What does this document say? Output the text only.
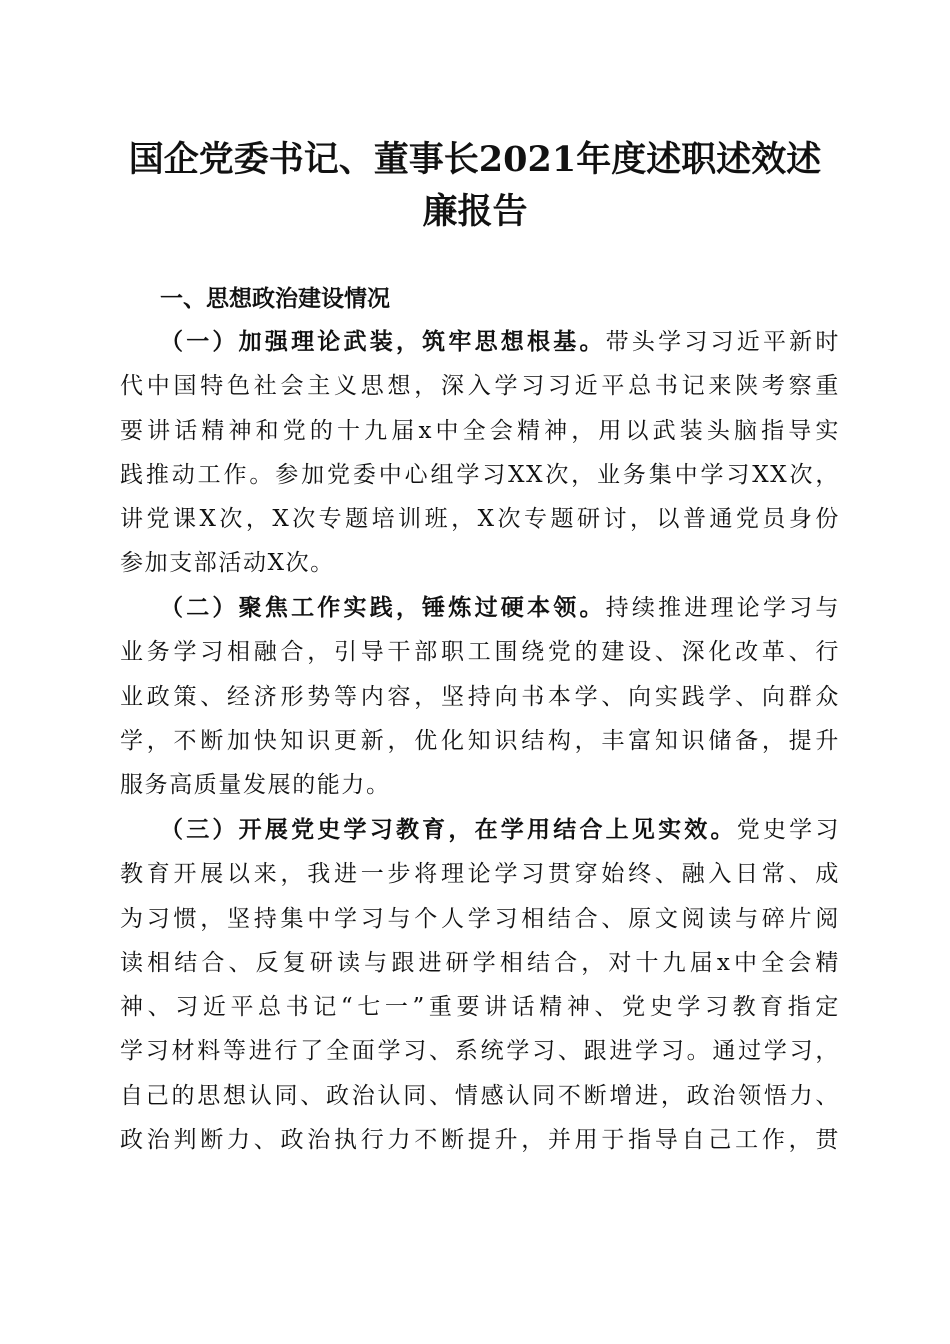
国企党委书记、董事长2021年度述职述效述
廉报告
一、思想政治建设情况
（一）加强理论武装，筑牢思想根基。带头学习习近平新时
代中国特色社会主义思想，深入学习习近平总书记来陕考察重
要讲话精神和党的十九届x中全会精神，用以武装头脑指导实
践推动工作。参加党委中心组学习XX次，业务集中学习XX次，
讲党课X次，X次专题培训班，X次专题研讨，以普通党员身份
参加支部活动X次。
（二）聚焦工作实践，锤炼过硬本领。持续推进理论学习与
业务学习相融合，引导干部职工围绕党的建设、深化改革、行
业政策、经济形势等内容，坚持向书本学、向实践学、向群众
学，不断加快知识更新，优化知识结构，丰富知识储备，提升
服务高质量发展的能力。
（三）开展党史学习教育，在学用结合上见实效。党史学习
教育开展以来，我进一步将理论学习贯穿始终、融入日常、成
为习惯，坚持集中学习与个人学习相结合、原文阅读与碎片阅
读相结合、反复研读与跟进研学相结合，对十九届x中全会精
神、习近平总书记“七一”重要讲话精神、党史学习教育指定
学习材料等进行了全面学习、系统学习、跟进学习。通过学习，
自己的思想认同、政治认同、情感认同不断增进，政治领悟力、
政治判断力、政治执行力不断提升，并用于指导自己工作，贯
